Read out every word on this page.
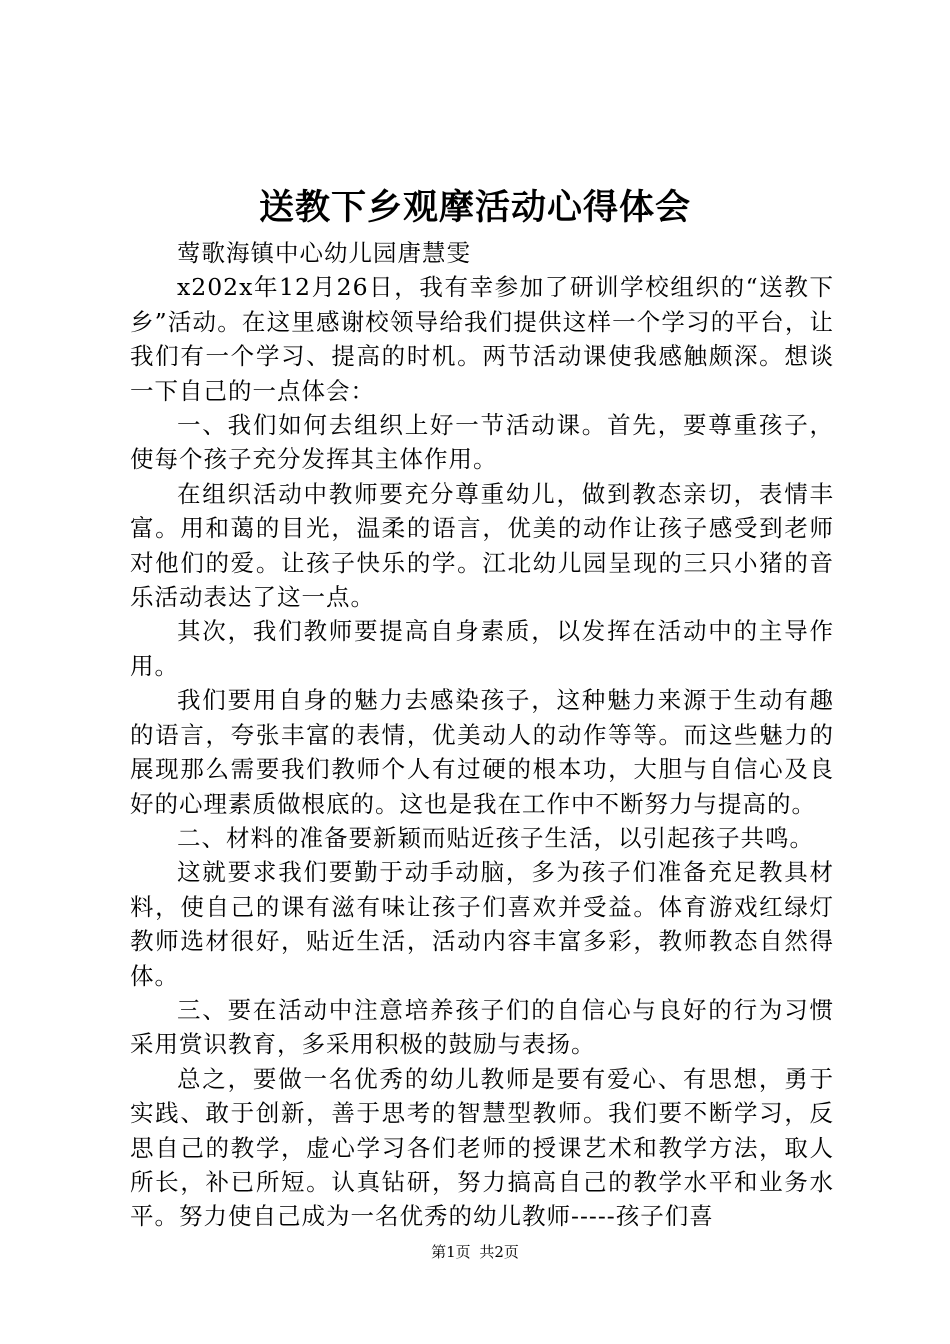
送教下乡观摩活动心得体会

莺歌海镇中心幼儿园唐慧雯

x202x年12月26日，我有幸参加了研训学校组织的“送教下乡”活动。在这里感谢校领导给我们提供这样一个学习的平台，让我们有一个学习、提高的时机。两节活动课使我感触颇深。想谈一下自己的一点体会：

一、我们如何去组织上好一节活动课。首先，要尊重孩子，使每个孩子充分发挥其主体作用。

在组织活动中教师要充分尊重幼儿，做到教态亲切，表情丰富。用和蔼的目光，温柔的语言，优美的动作让孩子感受到老师对他们的爱。让孩子快乐的学。江北幼儿园呈现的三只小猪的音乐活动表达了这一点。

其次，我们教师要提高自身素质，以发挥在活动中的主导作用。

我们要用自身的魅力去感染孩子，这种魅力来源于生动有趣的语言，夸张丰富的表情，优美动人的动作等等。而这些魅力的展现那么需要我们教师个人有过硬的根本功，大胆与自信心及良好的心理素质做根底的。这也是我在工作中不断努力与提高的。

二、材料的准备要新颖而贴近孩子生活，以引起孩子共鸣。

这就要求我们要勤于动手动脑，多为孩子们准备充足教具材料，使自己的课有滋有味让孩子们喜欢并受益。体育游戏红绿灯教师选材很好，贴近生活，活动内容丰富多彩，教师教态自然得体。

三、要在活动中注意培养孩子们的自信心与良好的行为习惯采用赏识教育，多采用积极的鼓励与表扬。

总之，要做一名优秀的幼儿教师是要有爱心、有思想，勇于实践、敢于创新，善于思考的智慧型教师。我们要不断学习，反思自己的教学，虚心学习各们老师的授课艺术和教学方法，取人所长，补已所短。认真钻研，努力搞高自己的教学水平和业务水平。努力使自己成为一名优秀的幼儿教师-----孩子们喜

第1页 共2页
